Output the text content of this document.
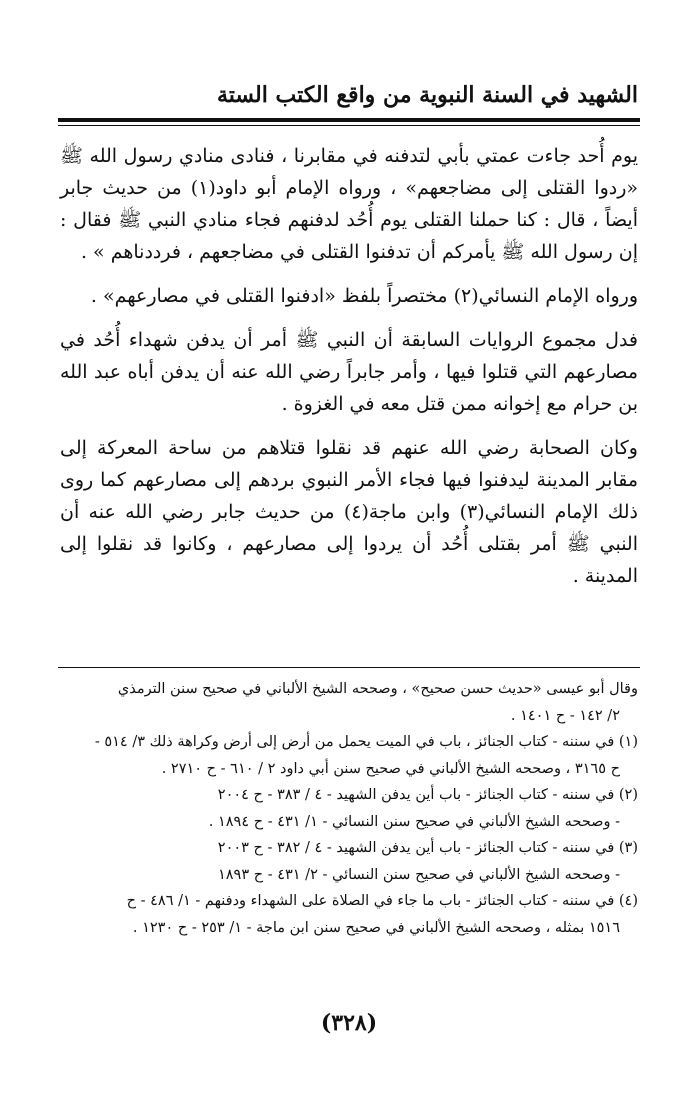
الشهيد في السنة النبوية من واقع الكتب الستة

يوم أُحد جاءت عمتي بأبي لتدفنه في مقابرنا ، فنادى منادي رسول الله ﷺ «ردوا القتلى إلى مضاجعهم» ، ورواه الإمام أبو داود(١) من حديث جابر أيضاً ، قال : كنا حملنا القتلى يوم أُحُد لدفنهم فجاء منادي النبي ﷺ فقال : إن رسول الله ﷺ يأمركم أن تدفنوا القتلى في مضاجعهم ، فرددناهم » .

ورواه الإمام النسائي(٢) مختصراً بلفظ «ادفنوا القتلى في مصارعهم» .

فدل مجموع الروايات السابقة أن النبي ﷺ أمر أن يدفن شهداء أُحُد في مصارعهم التي قتلوا فيها ، وأمر جابراً رضي الله عنه أن يدفن أباه عبد الله بن حرام مع إخوانه ممن قتل معه في الغزوة .

وكان الصحابة رضي الله عنهم قد نقلوا قتلاهم من ساحة المعركة إلى مقابر المدينة ليدفنوا فيها فجاء الأمر النبوي بردهم إلى مصارعهم كما روى ذلك الإمام النسائي(٣) وابن ماجة(٤) من حديث جابر رضي الله عنه أن النبي ﷺ أمر بقتلى أُحُد أن يردوا إلى مصارعهم ، وكانوا قد نقلوا إلى المدينة .

وقال أبو عيسى «حديث حسن صحيح» ، وصححه الشيخ الألباني في صحيح سنن الترمذي
٢/ ١٤٢ - ح ١٤٠١ .
(١) في سننه - كتاب الجنائز ، باب في الميت يحمل من أرض إلى أرض وكراهة ذلك ٣/ ٥١٤ -
ح ٣١٦٥ ، وصححه الشيخ الألباني في صحيح سنن أبي داود ٢ / ٦١٠ - ح ٢٧١٠ .
(٢) في سننه - كتاب الجنائز - باب أين يدفن الشهيد - ٤ / ٣٨٣ - ح ٢٠٠٤
- وصححه الشيخ الألباني في صحيح سنن النسائي - ١/ ٤٣١ - ح ١٨٩٤ .
(٣) في سننه - كتاب الجنائز - باب أين يدفن الشهيد - ٤ / ٣٨٢ - ح ٢٠٠٣
- وصححه الشيخ الألباني في صحيح سنن النسائي - ٢/ ٤٣١ - ح ١٨٩٣
(٤) في سننه - كتاب الجنائز - باب ما جاء في الصلاة على الشهداء ودفنهم - ١/ ٤٨٦ - ح
١٥١٦ بمثله ، وصححه الشيخ الألباني في صحيح سنن ابن ماجة - ١/ ٢٥٣ - ح ١٢٣٠ .
(٣٢٨)
